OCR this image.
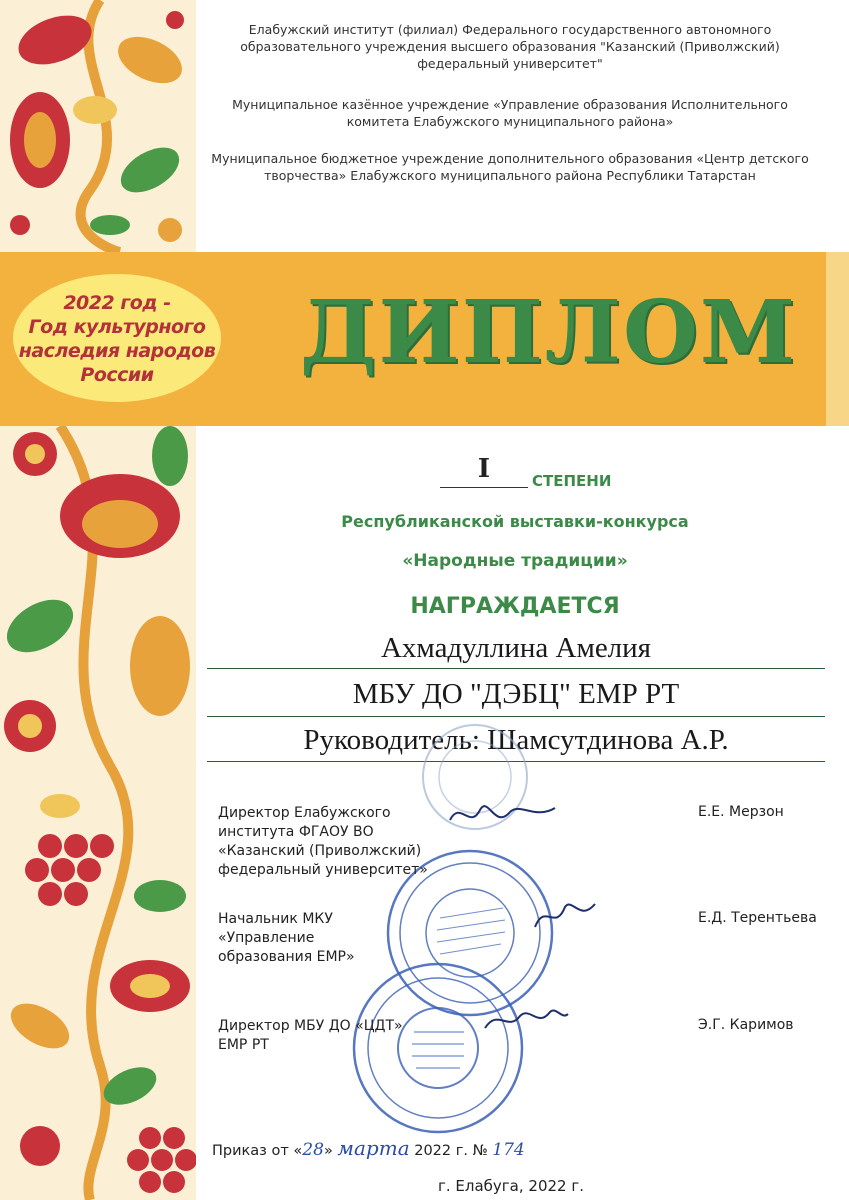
Елабужский институт (филиал) Федерального государственного автономного образовательного учреждения высшего образования "Казанский (Приволжский) федеральный университет"
Муниципальное казённое учреждение «Управление образования Исполнительного комитета Елабужского муниципального района»
Муниципальное бюджетное учреждение дополнительного образования «Центр детского творчества» Елабужского муниципального района Республики Татарстан
2022 год -
Год культурного
наследия народов
России	ДИПЛОМ
I	СТЕПЕНИ
Республиканской выставки-конкурса
«Народные традиции»
НАГРАЖДАЕТСЯ
Ахмадуллина Амелия
МБУ ДО "ДЭБЦ" ЕМР РТ
Руководитель: Шамсутдинова А.Р.
Директор Елабужского института ФГАОУ ВО «Казанский (Приволжский) федеральный университет»
Е.Е. Мерзон
Начальник МКУ «Управление образования ЕМР»
Е.Д. Терентьева
Директор МБУ ДО «ЦДТ» ЕМР РТ
Э.Г. Каримов
Приказ от «28» марта 2022 г. № 174
г. Елабуга, 2022 г.
